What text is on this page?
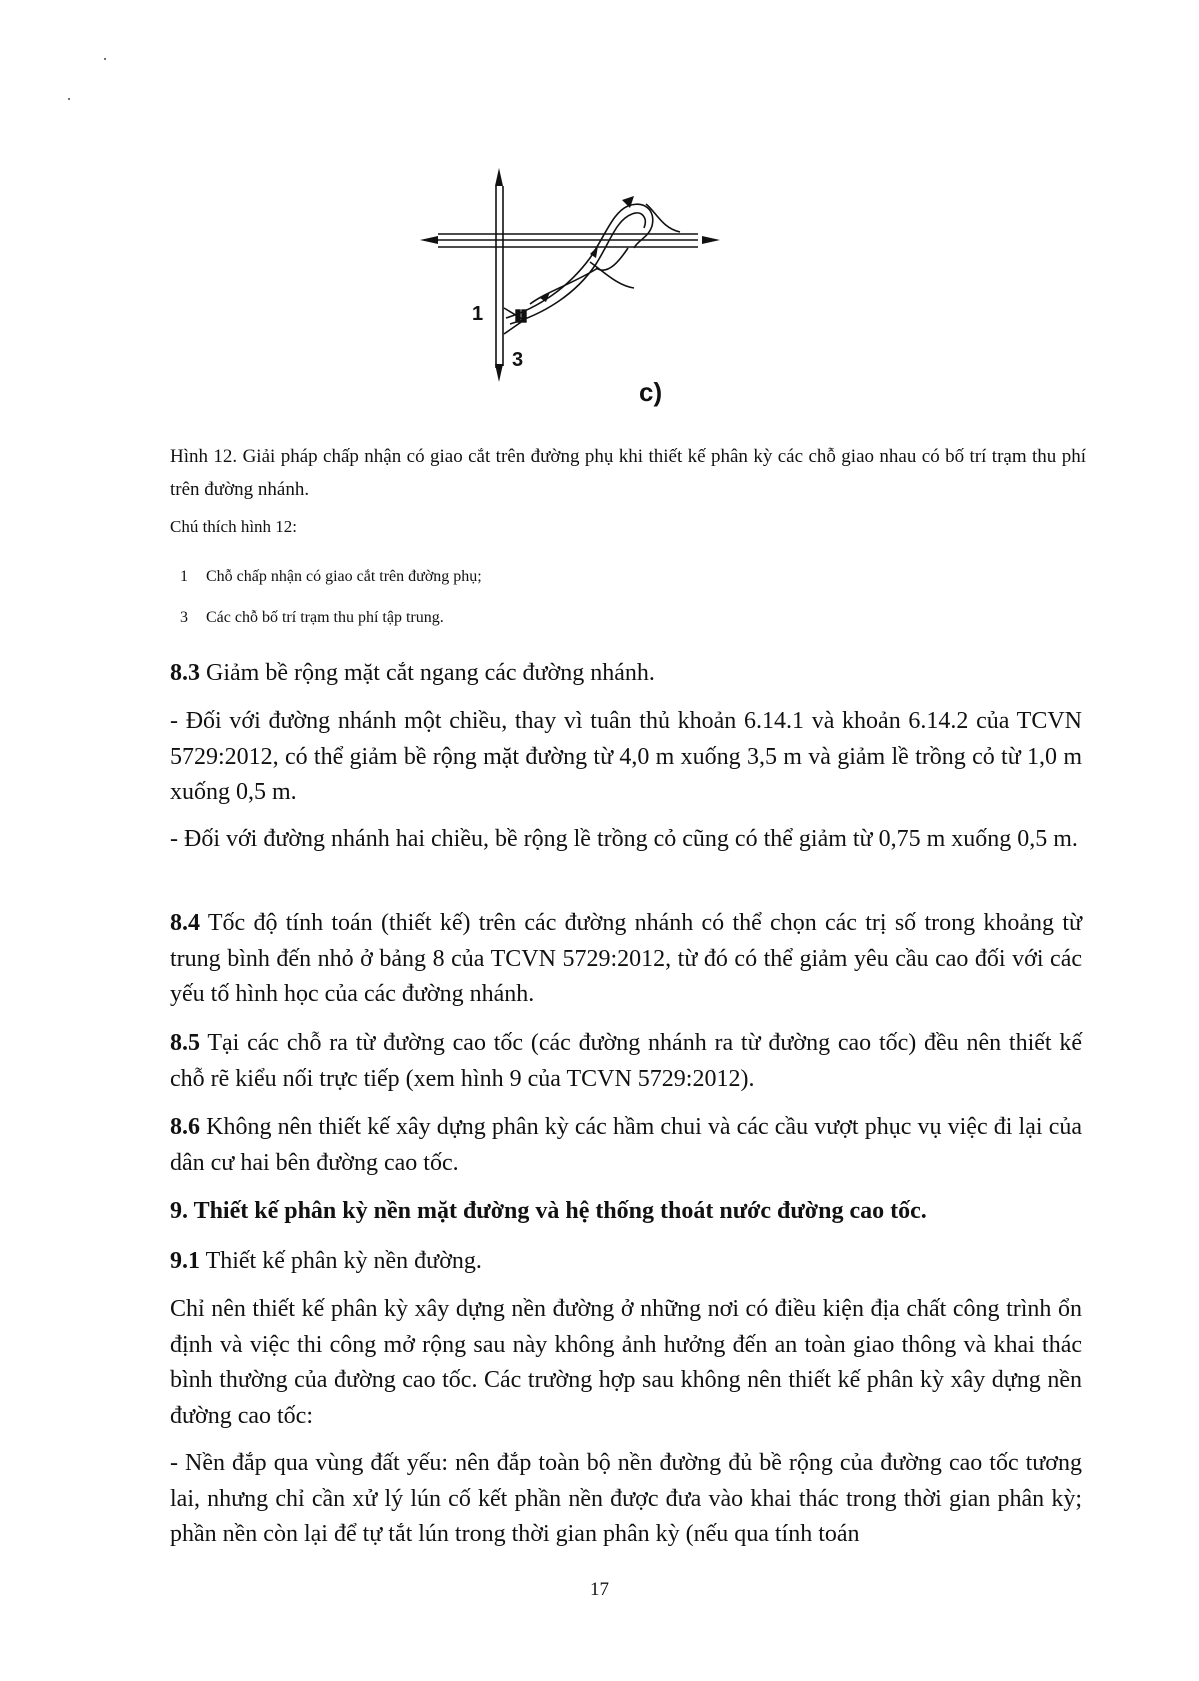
1
3
c)
Hình 12. Giải pháp chấp nhận có giao cắt trên đường phụ khi thiết kế phân kỳ các chỗ giao nhau có bố trí trạm thu phí trên đường nhánh.
Chú thích hình 12:
1 Chỗ chấp nhận có giao cắt trên đường phụ;
3 Các chỗ bố trí trạm thu phí tập trung.

8.3 Giảm bề rộng mặt cắt ngang các đường nhánh.

- Đối với đường nhánh một chiều, thay vì tuân thủ khoản 6.14.1 và khoản 6.14.2 của TCVN 5729:2012, có thể giảm bề rộng mặt đường từ 4,0 m xuống 3,5 m và giảm lề trồng cỏ từ 1,0 m xuống 0,5 m.
- Đối với đường nhánh hai chiều, bề rộng lề trồng cỏ cũng có thể giảm từ 0,75 m xuống 0,5 m.

8.4 Tốc độ tính toán (thiết kế) trên các đường nhánh có thể chọn các trị số trong khoảng từ trung bình đến nhỏ ở bảng 8 của TCVN 5729:2012, từ đó có thể giảm yêu cầu cao đối với các yếu tố hình học của các đường nhánh.

8.5 Tại các chỗ ra từ đường cao tốc (các đường nhánh ra từ đường cao tốc) đều nên thiết kế chỗ rẽ kiểu nối trực tiếp (xem hình 9 của TCVN 5729:2012).

8.6 Không nên thiết kế xây dựng phân kỳ các hầm chui và các cầu vượt phục vụ việc đi lại của dân cư hai bên đường cao tốc.

9. Thiết kế phân kỳ nền mặt đường và hệ thống thoát nước đường cao tốc.

9.1 Thiết kế phân kỳ nền đường.

Chỉ nên thiết kế phân kỳ xây dựng nền đường ở những nơi có điều kiện địa chất công trình ổn định và việc thi công mở rộng sau này không ảnh hưởng đến an toàn giao thông và khai thác bình thường của đường cao tốc. Các trường hợp sau không nên thiết kế phân kỳ xây dựng nền đường cao tốc:
- Nền đắp qua vùng đất yếu: nên đắp toàn bộ nền đường đủ bề rộng của đường cao tốc tương lai, nhưng chỉ cần xử lý lún cố kết phần nền được đưa vào khai thác trong thời gian phân kỳ; phần nền còn lại để tự tắt lún trong thời gian phân kỳ (nếu qua tính toán
17
